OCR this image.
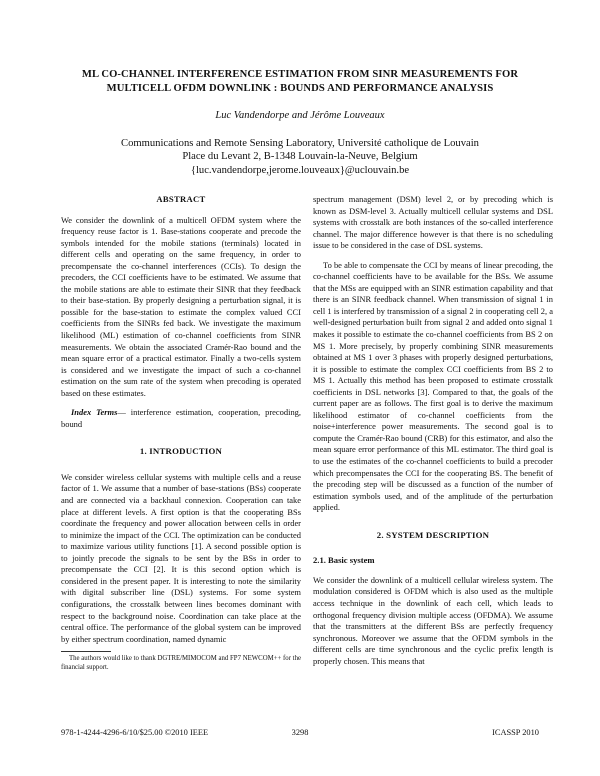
ML CO-CHANNEL INTERFERENCE ESTIMATION FROM SINR MEASUREMENTS FOR
MULTICELL OFDM DOWNLINK : BOUNDS AND PERFORMANCE ANALYSIS
Luc Vandendorpe and Jérôme Louveaux
Communications and Remote Sensing Laboratory, Université catholique de Louvain
Place du Levant 2, B-1348 Louvain-la-Neuve, Belgium
{luc.vandendorpe,jerome.louveaux}@uclouvain.be
ABSTRACT

We consider the downlink of a multicell OFDM system where the frequency reuse factor is 1. Base-stations cooperate and precode the symbols intended for the mobile stations (terminals) located in different cells and operating on the same frequency, in order to precompensate the co-channel interferences (CCIs). To design the precoders, the CCI coefficients have to be estimated. We assume that the mobile stations are able to estimate their SINR that they feedback to their base-station. By properly designing a perturbation signal, it is possible for the base-station to estimate the complex valued CCI coefficients from the SINRs fed back. We investigate the maximum likelihood (ML) estimation of co-channel coefficients from SINR measurements. We obtain the associated Cramér-Rao bound and the mean square error of a practical estimator. Finally a two-cells system is considered and we investigate the impact of such a co-channel estimation on the sum rate of the system when precoding is operated based on these estimates.

Index Terms— interference estimation, cooperation, precoding, bound

1. INTRODUCTION

We consider wireless cellular systems with multiple cells and a reuse factor of 1. We assume that a number of base-stations (BSs) cooperate and are connected via a backhaul connexion. Cooperation can take place at different levels. A first option is that the cooperating BSs coordinate the frequency and power allocation between cells in order to minimize the impact of the CCI. The optimization can be conducted to maximize various utility functions [1]. A second possible option is to jointly precode the signals to be sent by the BSs in order to precompensate the CCI [2]. It is this second option which is considered in the present paper. It is interesting to note the similarity with digital subscriber line (DSL) systems. For some system configurations, the crosstalk between lines becomes dominant with respect to the background noise. Coordination can take place at the central office. The performance of the global system can be improved by either spectrum coordination, named dynamic

The authors would like to thank DGTRE/MIMOCOM and FP7 NEWCOM++ for the financial support.

spectrum management (DSM) level 2, or by precoding which is known as DSM-level 3. Actually multicell cellular systems and DSL systems with crosstalk are both instances of the so-called interference channel. The major difference however is that there is no scheduling issue to be considered in the case of DSL systems.

To be able to compensate the CCI by means of linear precoding, the co-channel coefficients have to be available for the BSs. We assume that the MSs are equipped with an SINR estimation capability and that there is an SINR feedback channel. When transmission of signal 1 in cell 1 is interfered by transmission of a signal 2 in cooperating cell 2, a well-designed perturbation built from signal 2 and added onto signal 1 makes it possible to estimate the co-channel coefficients from BS 2 on MS 1. More precisely, by properly combining SINR measurements obtained at MS 1 over 3 phases with properly designed perturbations, it is possible to estimate the complex CCI coefficients from BS 2 to MS 1. Actually this method has been proposed to estimate crosstalk coefficients in DSL networks [3]. Compared to that, the goals of the current paper are as follows. The first goal is to derive the maximum likelihood estimator of co-channel coefficients from the noise+interference power measurements. The second goal is to compute the Cramér-Rao bound (CRB) for this estimator, and also the mean square error performance of this ML estimator. The third goal is to use the estimates of the co-channel coefficients to build a precoder which precompensates the CCI for the cooperating BS. The benefit of the precoding step will be discussed as a function of the number of estimation symbols used, and of the amplitude of the perturbation applied.

2. SYSTEM DESCRIPTION
2.1. Basic system

We consider the downlink of a multicell cellular wireless system. The modulation considered is OFDM which is also used as the multiple access technique in the downlink of each cell, which leads to orthogonal frequency division multiple access (OFDMA). We assume that the transmitters at the different BSs are perfectly frequency synchronous. Moreover we assume that the OFDM symbols in the different cells are time synchronous and the cyclic prefix length is properly chosen. This means that

978-1-4244-4296-6/10/$25.00 ©2010 IEEE	3298	ICASSP 2010
